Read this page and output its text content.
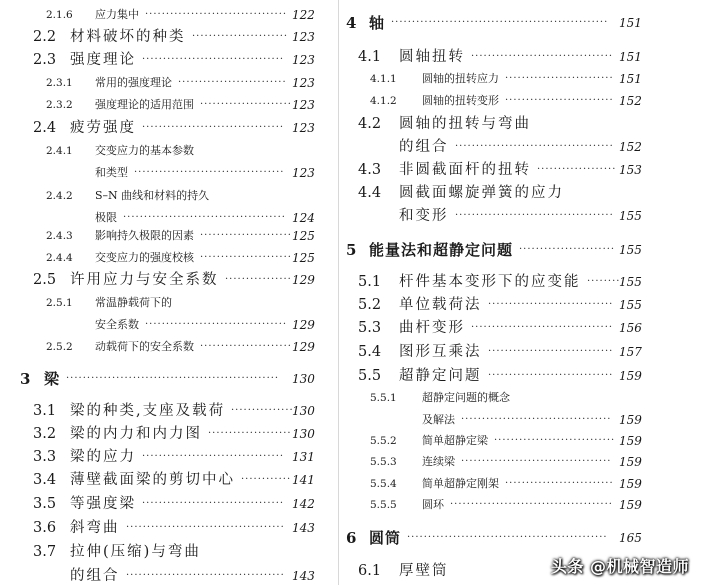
2.1.6 应力集中 ·································· 122
2.2 材料破坏的种类 ······················· 123
2.3 强度理论 ·································· 123
2.3.1 常用的强度理论 ·························· 123
2.3.2 强度理论的适用范围 ······················ 123
2.4 疲劳强度 ·································· 123
2.4.1 交变应力的基本参数
和类型 ···································· 123
2.4.2 S–N 曲线和材料的持久
极限 ······································· 124
2.4.3 影响持久极限的因素 ······················ 125
2.4.4 交变应力的强度校核 ······················ 125
2.5 许用应力与安全系数 ················ 129
2.5.1 常温静载荷下的
安全系数 ·································· 129
2.5.2 动载荷下的安全系数 ······················ 129
3 梁 ···················································	130
3.1 梁的种类,支座及载荷 ···············
130
3.2 梁的内力和内力图 ···················· 130
3.3 梁的应力 ·································· 131
3.4 薄壁截面梁的剪切中心 ············ 141
3.5 等强度梁 ·································· 142
3.6 斜弯曲 ······································ 143
3.7 拉伸(压缩)与弯曲
的组合 ······································ 143
4 轴 ···················································· 151
4.1 圆轴扭转 ·································· 151
4.1.1 圆轴的扭转应力 ·························· 151
4.1.2 圆轴的扭转变形 ·························· 152
4.2 圆轴的扭转与弯曲
的组合 ······································ 152
4.3 非圆截面杆的扭转 ··················· 153
4.4 圆截面螺旋弹簧的应力
和变形 ······································ 155
5 能量法和超静定问题 ······················· 155
5.1 杆件基本变形下的应变能 ········
155
5.2 单位载荷法 ······························ 155
5.3 曲杆变形 ·································· 156
5.4 图形互乘法 ······························ 157
5.5 超静定问题 ······························ 159
5.5.1 超静定问题的概念
及解法 ···································· 159
5.5.2 简单超静定梁 ····························· 159
5.5.3 连续梁 ···································· 159
5.5.4 简单超静定刚架 ·························· 159
5.5.5 圆环 ······································· 159
6 圆筒 ················································ 165
6.1 厚壁筒	头条 @机械智造师
